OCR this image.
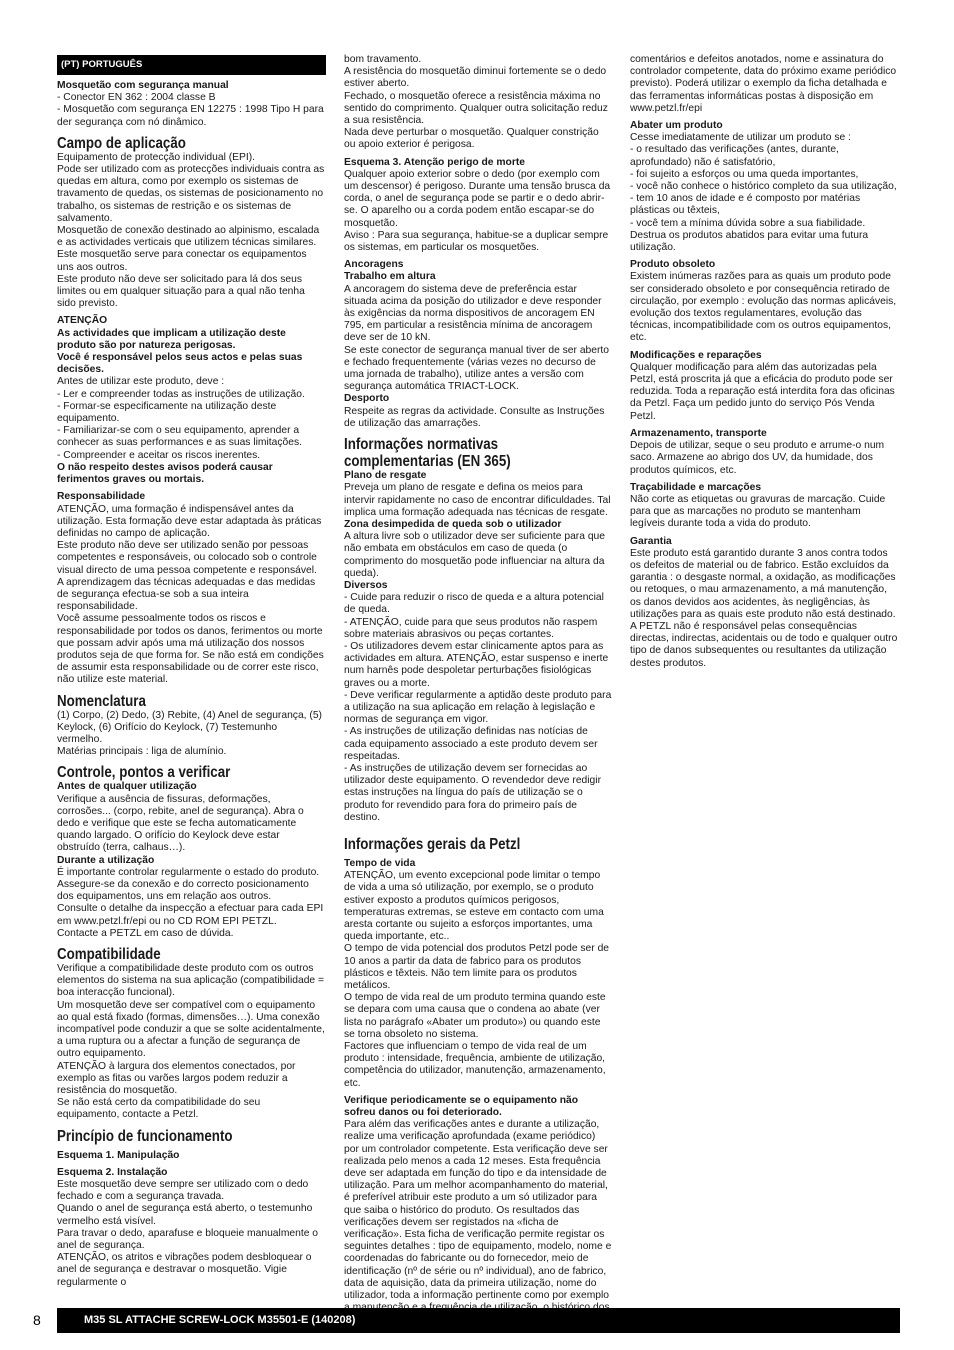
(PT) PORTUGUÊS

Mosquetão com segurança manual

- Conector EN 362 : 2004 classe B

- Mosquetão com segurança EN 12275 : 1998 Tipo H para der segurança com nó dinâmico.

Campo de aplicação

Equipamento de protecção individual (EPI).

Pode ser utilizado com as protecções individuais contra as quedas em altura, como por exemplo os sistemas de travamento de quedas, os sistemas de posicionamento no trabalho, os sistemas de restrição e os sistemas de salvamento.

Mosquetão de conexão destinado ao alpinismo, escalada e as actividades verticais que utilizem técnicas similares.

Este mosquetão serve para conectar os equipamentos uns aos outros.

Este produto não deve ser solicitado para lá dos seus limites ou em qualquer situação para a qual não tenha sido previsto.

ATENÇÃO

As actividades que implicam a utilização deste produto são por natureza perigosas.

Você é responsável pelos seus actos e pelas suas decisões.

Antes de utilizar este produto, deve :

- Ler e compreender todas as instruções de utilização.

- Formar-se especificamente na utilização deste equipamento.

- Familiarizar-se com o seu equipamento, aprender a conhecer as suas performances e as suas limitações.

- Compreender e aceitar os riscos inerentes.

O não respeito destes avisos poderá causar ferimentos graves ou mortais.

Responsabilidade

ATENÇÃO, uma formação é indispensável antes da utilização. Esta formação deve estar adaptada às práticas definidas no campo de aplicação.

Este produto não deve ser utilizado senão por pessoas competentes e responsáveis, ou colocado sob o controle visual directo de uma pessoa competente e responsável.

A aprendizagem das técnicas adequadas e das medidas de segurança efectua-se sob a sua inteira responsabilidade.

Você assume pessoalmente todos os riscos e responsabilidade por todos os danos, ferimentos ou morte que possam advir após uma má utilização dos nossos produtos seja de que forma for. Se não está em condições de assumir esta responsabilidade ou de correr este risco, não utilize este material.

Nomenclatura

(1) Corpo, (2) Dedo, (3) Rebite, (4) Anel de segurança, (5) Keylock, (6) Orifício do Keylock, (7) Testemunho vermelho.

Matérias principais : liga de alumínio.

Controle, pontos a verificar

Antes de qualquer utilização

Verifique a ausência de fissuras, deformações, corrosões... (corpo, rebite, anel de segurança). Abra o dedo e verifique que este se fecha automaticamente quando largado. O orifício do Keylock deve estar obstruído (terra, calhaus…).

Durante a utilização

É importante controlar regularmente o estado do produto. Assegure-se da conexão e do correcto posicionamento dos equipamentos, uns em relação aos outros.

Consulte o detalhe da inspecção a efectuar para cada EPI em www.petzl.fr/epi ou no CD ROM EPI PETZL.

Contacte a PETZL em caso de dúvida.

Compatibilidade

Verifique a compatibilidade deste produto com os outros elementos do sistema na sua aplicação (compatibilidade = boa interacção funcional).

Um mosquetão deve ser compatível com o equipamento ao qual está fixado (formas, dimensões…). Uma conexão incompatível pode conduzir a que se solte acidentalmente, a uma ruptura ou a afectar a função de segurança de outro equipamento.

ATENÇÃO à largura dos elementos conectados, por exemplo as fitas ou varões largos podem reduzir a resistência do mosquetão.

Se não está certo da compatibilidade do seu equipamento, contacte a Petzl.

Princípio de funcionamento

Esquema 1. Manipulação

Esquema 2. Instalação

Este mosquetão deve sempre ser utilizado com o dedo fechado e com a segurança travada.

Quando o anel de segurança está aberto, o testemunho vermelho está visível.

Para travar o dedo, aparafuse e bloqueie manualmente o anel de segurança.

ATENÇÃO, os atritos e vibrações podem desbloquear o anel de segurança e destravar o mosquetão. Vigie regularmente o

bom travamento.

A resistência do mosquetão diminui fortemente se o dedo estiver aberto.

Fechado, o mosquetão oferece a resistência máxima no sentido do comprimento. Qualquer outra solicitação reduz a sua resistência.

Nada deve perturbar o mosquetão. Qualquer constrição ou apoio exterior é perigosa.

Esquema 3. Atenção perigo de morte

Qualquer apoio exterior sobre o dedo (por exemplo com um descensor) é perigoso. Durante uma tensão brusca da corda, o anel de segurança pode se partir e o dedo abrir-se. O aparelho ou a corda podem então escapar-se do mosquetão.

Aviso : Para sua segurança, habitue-se a duplicar sempre os sistemas, em particular os mosquetões.

Ancoragens

Trabalho em altura

A ancoragem do sistema deve de preferência estar situada acima da posição do utilizador e deve responder às exigências da norma dispositivos de ancoragem EN 795, em particular a resistência mínima de ancoragem deve ser de 10 kN.

Se este conector de segurança manual tiver de ser aberto e fechado frequentemente (várias vezes no decurso de uma jornada de trabalho), utilize antes a versão com segurança automática TRIACT-LOCK.

Desporto

Respeite as regras da actividade. Consulte as Instruções de utilização das amarrações.

Informações normativas complementarias (EN 365)

Plano de resgate

Preveja um plano de resgate e defina os meios para intervir rapidamente no caso de encontrar dificuldades. Tal implica uma formação adequada nas técnicas de resgate.

Zona desimpedida de queda sob o utilizador

A altura livre sob o utilizador deve ser suficiente para que não embata em obstáculos em caso de queda (o comprimento do mosquetão pode influenciar na altura da queda).

Diversos

- Cuide para reduzir o risco de queda e a altura potencial de queda.

- ATENÇÃO, cuide para que seus produtos não raspem sobre materiais abrasivos ou peças cortantes.

- Os utilizadores devem estar clinicamente aptos para as actividades em altura. ATENÇÃO, estar suspenso e inerte num harnês pode despoletar perturbações fisiológicas graves ou a morte.

- Deve verificar regularmente a aptidão deste produto para a utilização na sua aplicação em relação à legislação e normas de segurança em vigor.

- As instruções de utilização definidas nas notícias de cada equipamento associado a este produto devem ser respeitadas.

- As instruções de utilização devem ser fornecidas ao utilizador deste equipamento. O revendedor deve redigir estas instruções na língua do país de utilização se o produto for revendido para fora do primeiro país de destino.

Informações gerais da Petzl

Tempo de vida

ATENÇÃO, um evento excepcional pode limitar o tempo de vida a uma só utilização, por exemplo, se o produto estiver exposto a produtos químicos perigosos, temperaturas extremas, se esteve em contacto com uma aresta cortante ou sujeito a esforços importantes, uma queda importante, etc..

O tempo de vida potencial dos produtos Petzl pode ser de 10 anos a partir da data de fabrico para os produtos plásticos e têxteis. Não tem limite para os produtos metálicos.

O tempo de vida real de um produto termina quando este se depara com uma causa que o condena ao abate (ver lista no parágrafo «Abater um produto») ou quando este se torna obsoleto no sistema.

Factores que influenciam o tempo de vida real de um produto : intensidade, frequência, ambiente de utilização, competência do utilizador, manutenção, armazenamento, etc.

Verifique periodicamente se o equipamento não sofreu danos ou foi deteriorado.

Para além das verificações antes e durante a utilização, realize uma verificação aprofundada (exame periódico) por um controlador competente. Esta verificação deve ser realizada pelo menos a cada 12 meses. Esta frequência deve ser adaptada em função do tipo e da intensidade de utilização. Para um melhor acompanhamento do material, é preferível atribuir este produto a um só utilizador para que saiba o histórico do produto. Os resultados das verificações devem ser registados na «ficha de verificação». Esta ficha de verificação permite registar os seguintes detalhes : tipo de equipamento, modelo, nome e coordenadas do fabricante ou do fornecedor, meio de identificação (nº de série ou nº individual), ano de fabrico, data de aquisição, data da primeira utilização, nome do utilizador, toda a informação pertinente como por exemplo

comentários e defeitos anotados, nome e assinatura do controlador competente, data do próximo exame periódico previsto). Poderá utilizar o exemplo da ficha detalhada e das ferramentas informáticas postas à disposição em www.petzl.fr/epi

Abater um produto

Cesse imediatamente de utilizar um produto se :

- o resultado das verificações (antes, durante, aprofundado) não é satisfatório,

- foi sujeito a esforços ou uma queda importantes,

- você não conhece o histórico completo da sua utilização,

- tem 10 anos de idade e é composto por matérias plásticas ou têxteis,

- você tem a mínima dúvida sobre a sua fiabilidade.

Destrua os produtos abatidos para evitar uma futura utilização.

Produto obsoleto

Existem inúmeras razões para as quais um produto pode ser considerado obsoleto e por consequência retirado de circulação, por exemplo : evolução das normas aplicáveis, evolução dos textos regulamentares, evolução das técnicas, incompatibilidade com os outros equipamentos, etc.

Modificações e reparações

Qualquer modificação para além das autorizadas pela Petzl, está proscrita já que a eficácia do produto pode ser reduzida. Toda a reparação está interdita fora das oficinas da Petzl. Faça um pedido junto do serviço Pós Venda Petzl.

Armazenamento, transporte

Depois de utilizar, seque o seu produto e arrume-o num saco. Armazene ao abrigo dos UV, da humidade, dos produtos químicos, etc.

Traçabilidade e marcações

Não corte as etiquetas ou gravuras de marcação. Cuide para que as marcações no produto se mantenham legíveis durante toda a vida do produto.

Garantia

Este produto está garantido durante 3 anos contra todos os defeitos de material ou de fabrico. Estão excluídos da garantia : o desgaste normal, a oxidação, as modificações ou retoques, o mau armazenamento, a má manutenção, os danos devidos aos acidentes, às negligências, às utilizações para as quais este produto não está destinado.

A PETZL não é responsável pelas consequências directas, indirectas, acidentais ou de todo e qualquer outro tipo de danos subsequentes ou resultantes da utilização destes produtos.

8	M35 SL ATTACHE SCREW-LOCK M35501-E (140208)
